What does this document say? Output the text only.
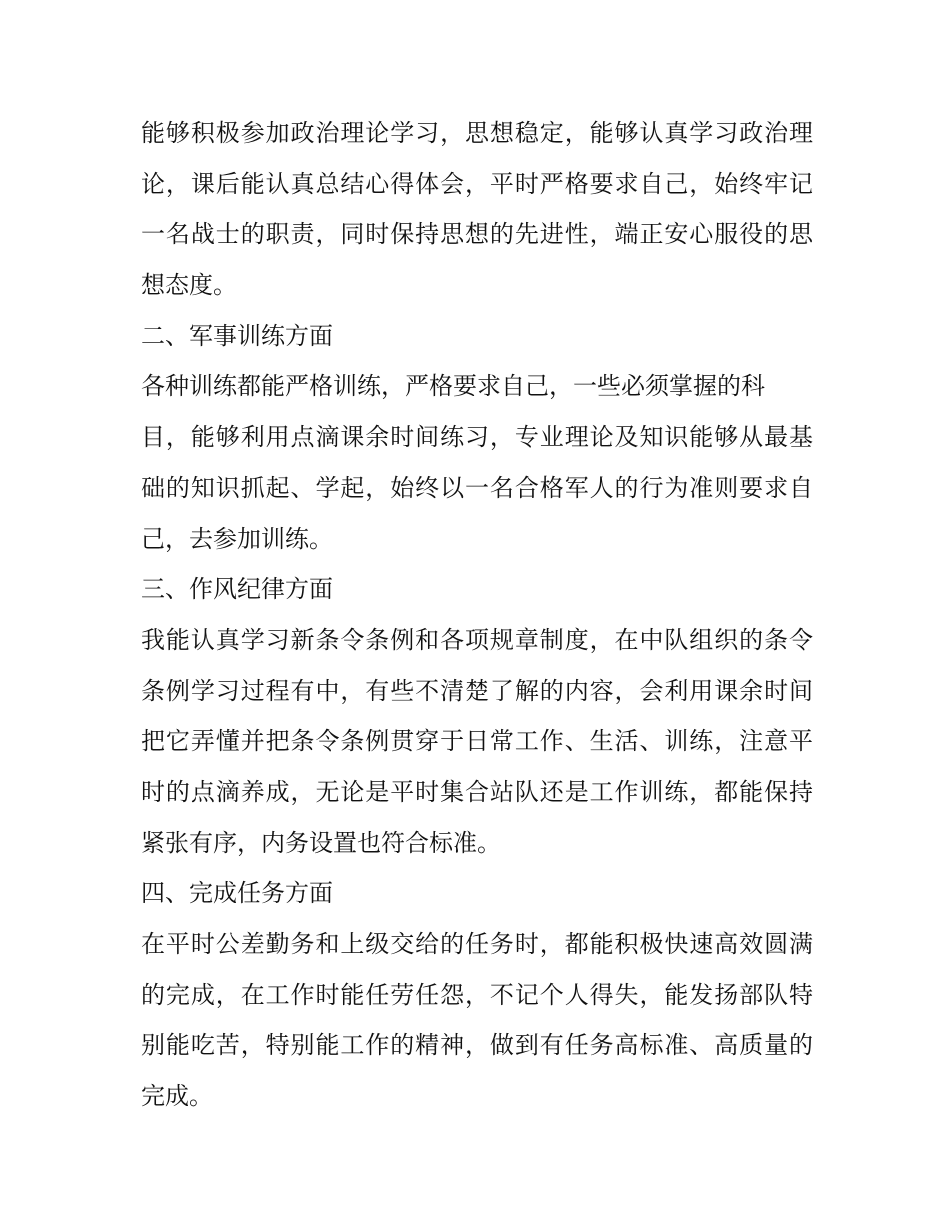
能够积极参加政治理论学习，思想稳定，能够认真学习政治理
论，课后能认真总结心得体会，平时严格要求自己，始终牢记
一名战士的职责，同时保持思想的先进性，端正安心服役的思
想态度。
二、军事训练方面
各种训练都能严格训练，严格要求自己，一些必须掌握的科
目，能够利用点滴课余时间练习，专业理论及知识能够从最基
础的知识抓起、学起，始终以一名合格军人的行为准则要求自
己，去参加训练。
三、作风纪律方面
我能认真学习新条令条例和各项规章制度，在中队组织的条令
条例学习过程有中，有些不清楚了解的内容，会利用课余时间
把它弄懂并把条令条例贯穿于日常工作、生活、训练，注意平
时的点滴养成，无论是平时集合站队还是工作训练，都能保持
紧张有序，内务设置也符合标准。
四、完成任务方面
在平时公差勤务和上级交给的任务时，都能积极快速高效圆满
的完成，在工作时能任劳任怨，不记个人得失，能发扬部队特
别能吃苦，特别能工作的精神，做到有任务高标准、高质量的
完成。
